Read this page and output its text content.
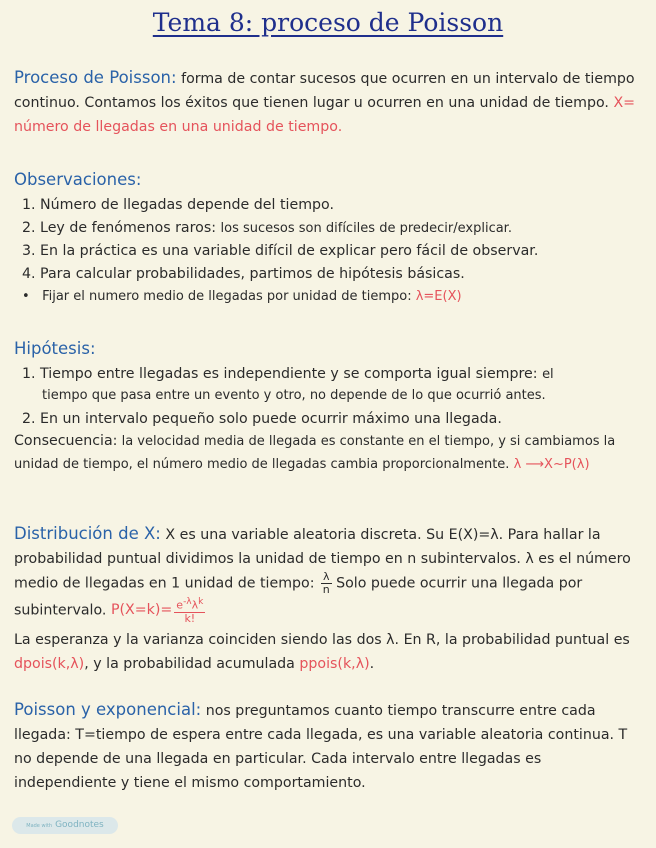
Tema 8: proceso de Poisson
Proceso de Poisson: forma de contar sucesos que ocurren en un intervalo de tiempo continuo. Contamos los éxitos que tienen lugar u ocurren en una unidad de tiempo. X= número de llegadas en una unidad de tiempo.
Observaciones:
1. Número de llegadas depende del tiempo.
2. Ley de fenómenos raros: los sucesos son difíciles de predecir/explicar.
3. En la práctica es una variable difícil de explicar pero fácil de observar.
4. Para calcular probabilidades, partimos de hipótesis básicas.
•   Fijar el numero medio de llegadas por unidad de tiempo: λ=E(X)
Hipótesis:
1. Tiempo entre llegadas es independiente y se comporta igual siempre: el
tiempo que pasa entre un evento y otro, no depende de lo que ocurrió antes.
2. En un intervalo pequeño solo puede ocurrir máximo una llegada.
Consecuencia: la velocidad media de llegada es constante en el tiempo, y si cambiamos la unidad de tiempo, el número medio de llegadas cambia proporcionalmente. λ ⟶X~P(λ)
Distribución de X: X es una variable aleatoria discreta. Su E(X)=λ. Para hallar la probabilidad puntual dividimos la unidad de tiempo en n subintervalos. λ es el número medio de llegadas en 1 unidad de tiempo: $\frac{\lambda}{n}$ Solo puede ocurrir una llegada por subintervalo. $P(X=k)= \frac{e^{-\lambda}\lambda^k}{k!}$
La esperanza y la varianza coinciden siendo las dos λ. En R, la probabilidad puntual es dpois(k,λ), y la probabilidad acumulada ppois(k,λ).
Poisson y exponencial: nos preguntamos cuanto tiempo transcurre entre cada llegada: T=tiempo de espera entre cada llegada, es una variable aleatoria continua. T no depende de una llegada en particular. Cada intervalo entre llegadas es independiente y tiene el mismo comportamiento.
Made with Goodnotes
